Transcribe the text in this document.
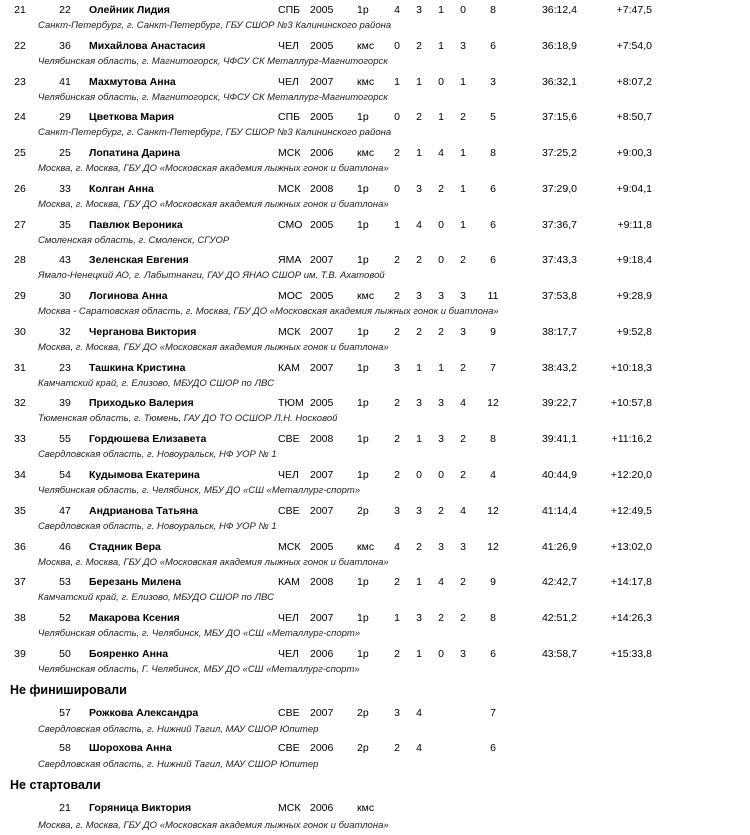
21	22	Олейник Лидия	СПБ 2005 1р 4 3 1 0	8	36:12,4	+7:47,5
Санкт-Петербург, г. Санкт-Петербург, ГБУ СШОР №3 Калининского района
22	36	Михайлова Анастасия	ЧЕЛ 2005 кмс 0 2 1 3	6	36:18,9	+7:54,0
Челябинская область, г. Магнитогорск, ЧФСУ СК Металлург-Магнитогорск
23	41	Махмутова Анна	ЧЕЛ 2007 кмс 1 1 0 1	3	36:32,1	+8:07,2
Челябинская область, г. Магнитогорск, ЧФСУ СК Металлург-Магнитогорск
24	29	Цветкова Мария	СПБ 2005 1р 0 2 1 2	5	37:15,6	+8:50,7
Санкт-Петербург, г. Санкт-Петербург, ГБУ СШОР №3 Калининского района
25	25	Лопатина Дарина	МСК 2006 кмс 2 1 4 1	8	37:25,2	+9:00,3
Москва, г. Москва, ГБУ ДО «Московская академия лыжных гонок и биатлона»
26	33	Колган Анна	МСК 2008 1р 0 3 2 1	6	37:29,0	+9:04,1
Москва, г. Москва, ГБУ ДО «Московская академия лыжных гонок и биатлона»
27	35	Павлюк Вероника	СМО 2005 1р 1 4 0 1	6	37:36,7	+9:11,8
Смоленская область, г. Смоленск, СГУОР
28	43	Зеленская Евгения	ЯМА 2007 1р 2 2 0 2	6	37:43,3	+9:18,4
Ямало-Ненецкий АО, г. Лабытнанги, ГАУ ДО ЯНАО СШОР им. Т.В. Ахатовой
29	30	Логинова Анна	МОС 2005 кмс 2 3 3 3	11	37:53,8	+9:28,9
Москва - Саратовская область, г. Москва, ГБУ ДО «Московская академия лыжных гонок и биатлона»
30	32	Черганова Виктория	МСК 2007 1р 2 2 2 3	9	38:17,7	+9:52,8
Москва, г. Москва, ГБУ ДО «Московская академия лыжных гонок и биатлона»
31	23	Ташкина Кристина	КАМ 2007 1р 3 1 1 2	7	38:43,2	+10:18,3
Камчатский край, г. Елизово, МБУДО СШОР по ЛВС
32	39	Приходько Валерия	ТЮМ 2005 1р 2 3 3 4	12	39:22,7	+10:57,8
Тюменская область, г. Тюмень, ГАУ ДО ТО ОСШОР Л.Н. Носковой
33	55	Гордюшева Елизавета	СВЕ 2008 1р 2 1 3 2	8	39:41,1	+11:16,2
Свердловская область, г. Новоуральск, НФ УОР № 1
34	54	Кудымова Екатерина	ЧЕЛ 2007 1р 2 0 0 2	4	40:44,9	+12:20,0
Челябинская область, г. Челябинск, МБУ ДО «СШ «Металлург-спорт»
35	47	Андрианова Татьяна	СВЕ 2007 2р 3 3 2 4	12	41:14,4	+12:49,5
Свердловская область, г. Новоуральск, НФ УОР № 1
36	46	Стадник Вера	МСК 2005 кмс 4 2 3 3	12	41:26,9	+13:02,0
Москва, г. Москва, ГБУ ДО «Московская академия лыжных гонок и биатлона»
37	53	Березань Милена	КАМ 2008 1р 2 1 4 2	9	42:42,7	+14:17,8
Камчатский край, г. Елизово, МБУДО СШОР по ЛВС
38	52	Макарова Ксения	ЧЕЛ 2007 1р 1 3 2 2	8	42:51,2	+14:26,3
Челябинская область, г. Челябинск, МБУ ДО «СШ «Металлург-спорт»
39	50	Бояренко Анна	ЧЕЛ 2006 1р 2 1 0 3	6	43:58,7	+15:33,8
Челябинская область, Г. Челябинск, МБУ ДО «СШ «Металлург-спорт»
Не финишировали
57	Рожкова Александра	СВЕ 2007 2р 3 4	7
Свердловская область, г. Нижний Тагил, МАУ СШОР Юпитер
58	Шорохова Анна	СВЕ 2006 2р 2 4	6
Свердловская область, г. Нижний Тагил, МАУ СШОР Юпитер
Не стартовали
21	Горяница Виктория	МСК 2006 кмс
Москва, г. Москва, ГБУ ДО «Московская академия лыжных гонок и биатлона»
